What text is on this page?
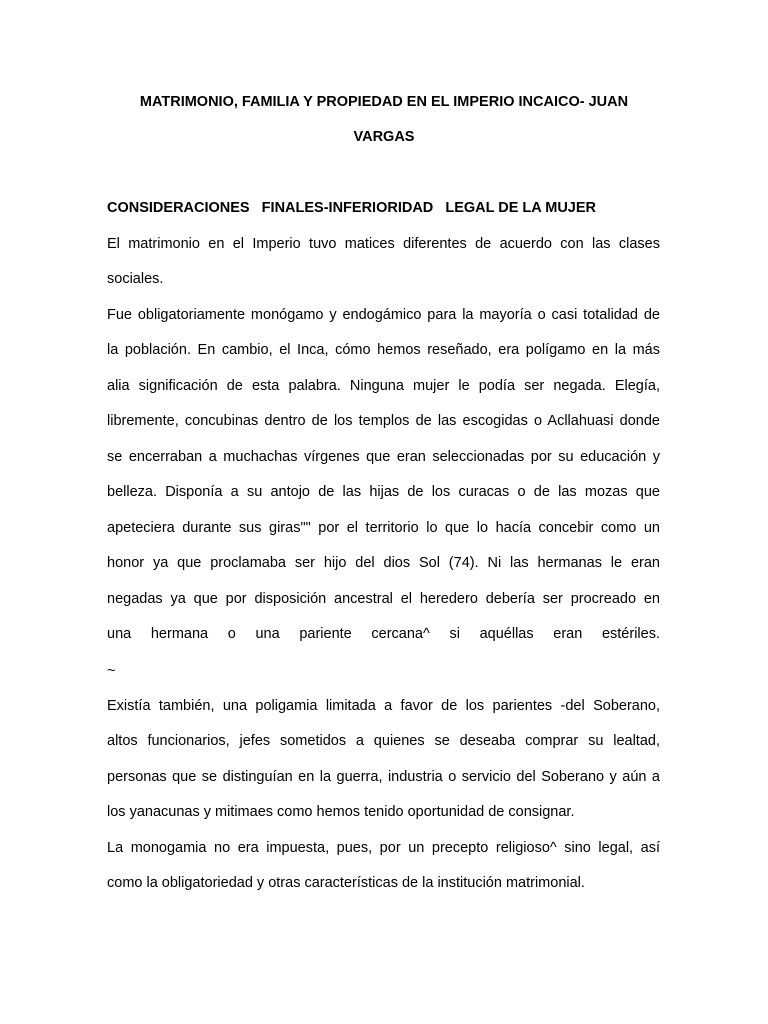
MATRIMONIO, FAMILIA Y PROPIEDAD EN EL IMPERIO INCAICO- JUAN
VARGAS
CONSIDERACIONES   FINALES-INFERIORIDAD   LEGAL DE LA MUJER
El matrimonio en el Imperio tuvo matices diferentes de acuerdo con las clases
sociales.
Fue obligatoriamente monógamo y endogámico para la mayoría o casi totalidad de
la población. En cambio, el Inca, cómo hemos reseñado, era polígamo en la más
alia significación de esta palabra. Ninguna mujer le podía ser negada. Elegía,
libremente, concubinas dentro de los templos de las escogidas o Acllahuasi donde
se encerraban a muchachas vírgenes que eran seleccionadas por su educación y
belleza. Disponía a su antojo de las hijas de los curacas o de las mozas que
apeteciera durante sus giras"" por el territorio lo que lo hacía concebir como un
honor ya que proclamaba ser hijo del dios Sol (74). Ni las hermanas le eran
negadas ya que por disposición ancestral el heredero debería ser procreado en
una hermana o una pariente cercana^ si aquéllas eran estériles.
~
Existía también, una poligamia limitada a favor de los parientes -del Soberano,
altos funcionarios, jefes sometidos a quienes se deseaba comprar su lealtad,
personas que se distinguían en la guerra, industria o servicio del Soberano y aún a
los yanacunas y mitimaes como hemos tenido oportunidad de consignar.
La monogamia no era impuesta, pues, por un precepto religioso^ sino legal, así
como la obligatoriedad y otras características de la institución matrimonial.
